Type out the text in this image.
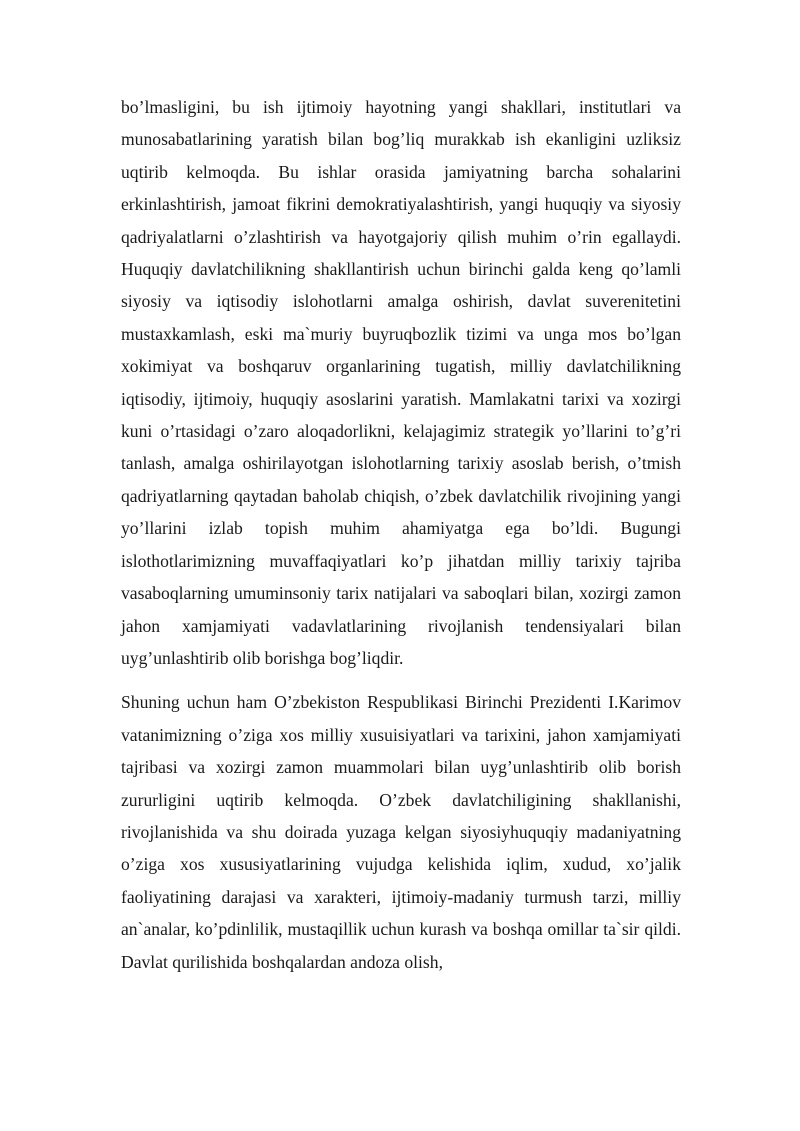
bo’lmasligini, bu ish ijtimoiy hayotning yangi shakllari, institutlari va munosabatlarining yaratish bilan bog’liq murakkab ish ekanligini uzliksiz uqtirib kelmoqda. Bu ishlar orasida jamiyatning barcha sohalarini erkinlashtirish, jamoat fikrini demokratiyalashtirish, yangi huquqiy va siyosiy qadriyalatlarni o’zlashtirish va hayotgajoriy qilish muhim o’rin egallaydi. Huquqiy davlatchilikning shakllantirish uchun birinchi galda keng qo’lamli siyosiy va iqtisodiy islohotlarni amalga oshirish, davlat suverenitetini mustaxkamlash, eski ma`muriy buyruqbozlik tizimi va unga mos bo’lgan xokimiyat va boshqaruv organlarining tugatish, milliy davlatchilikning iqtisodiy, ijtimoiy, huquqiy asoslarini yaratish. Mamlakatni tarixi va xozirgi kuni o’rtasidagi o’zaro aloqadorlikni, kelajagimiz strategik yo’llarini to’g’ri tanlash, amalga oshirilayotgan islohotlarning tarixiy asoslab berish, o’tmish qadriyatlarning qaytadan baholab chiqish, o’zbek davlatchilik rivojining yangi yo’llarini izlab topish muhim ahamiyatga ega bo’ldi. Bugungi islothotlarimizning muvaffaqiyatlari ko’p jihatdan milliy tarixiy tajriba vasaboqlarning umuminsoniy tarix natijalari va saboqlari bilan, xozirgi zamon jahon xamjamiyati vadavlatlarining rivojlanish tendensiyalari bilan uyg’unlashtirib olib borishga bog’liqdir.

Shuning uchun ham O’zbekiston Respublikasi Birinchi Prezidenti I.Karimov vatanimizning o’ziga xos milliy xusuisiyatlari va tarixini, jahon xamjamiyati tajribasi va xozirgi zamon muammolari bilan uyg’unlashtirib olib borish zururligini uqtirib kelmoqda. O’zbek davlatchiligining shakllanishi, rivojlanishida va shu doirada yuzaga kelgan siyosiyhuquqiy madaniyatning o’ziga xos xususiyatlarining vujudga kelishida iqlim, xudud, xo’jalik faoliyatining darajasi va xarakteri, ijtimoiy-madaniy turmush tarzi, milliy an`analar, ko’pdinlilik, mustaqillik uchun kurash va boshqa omillar ta`sir qildi. Davlat qurilishida boshqalardan andoza olish,
